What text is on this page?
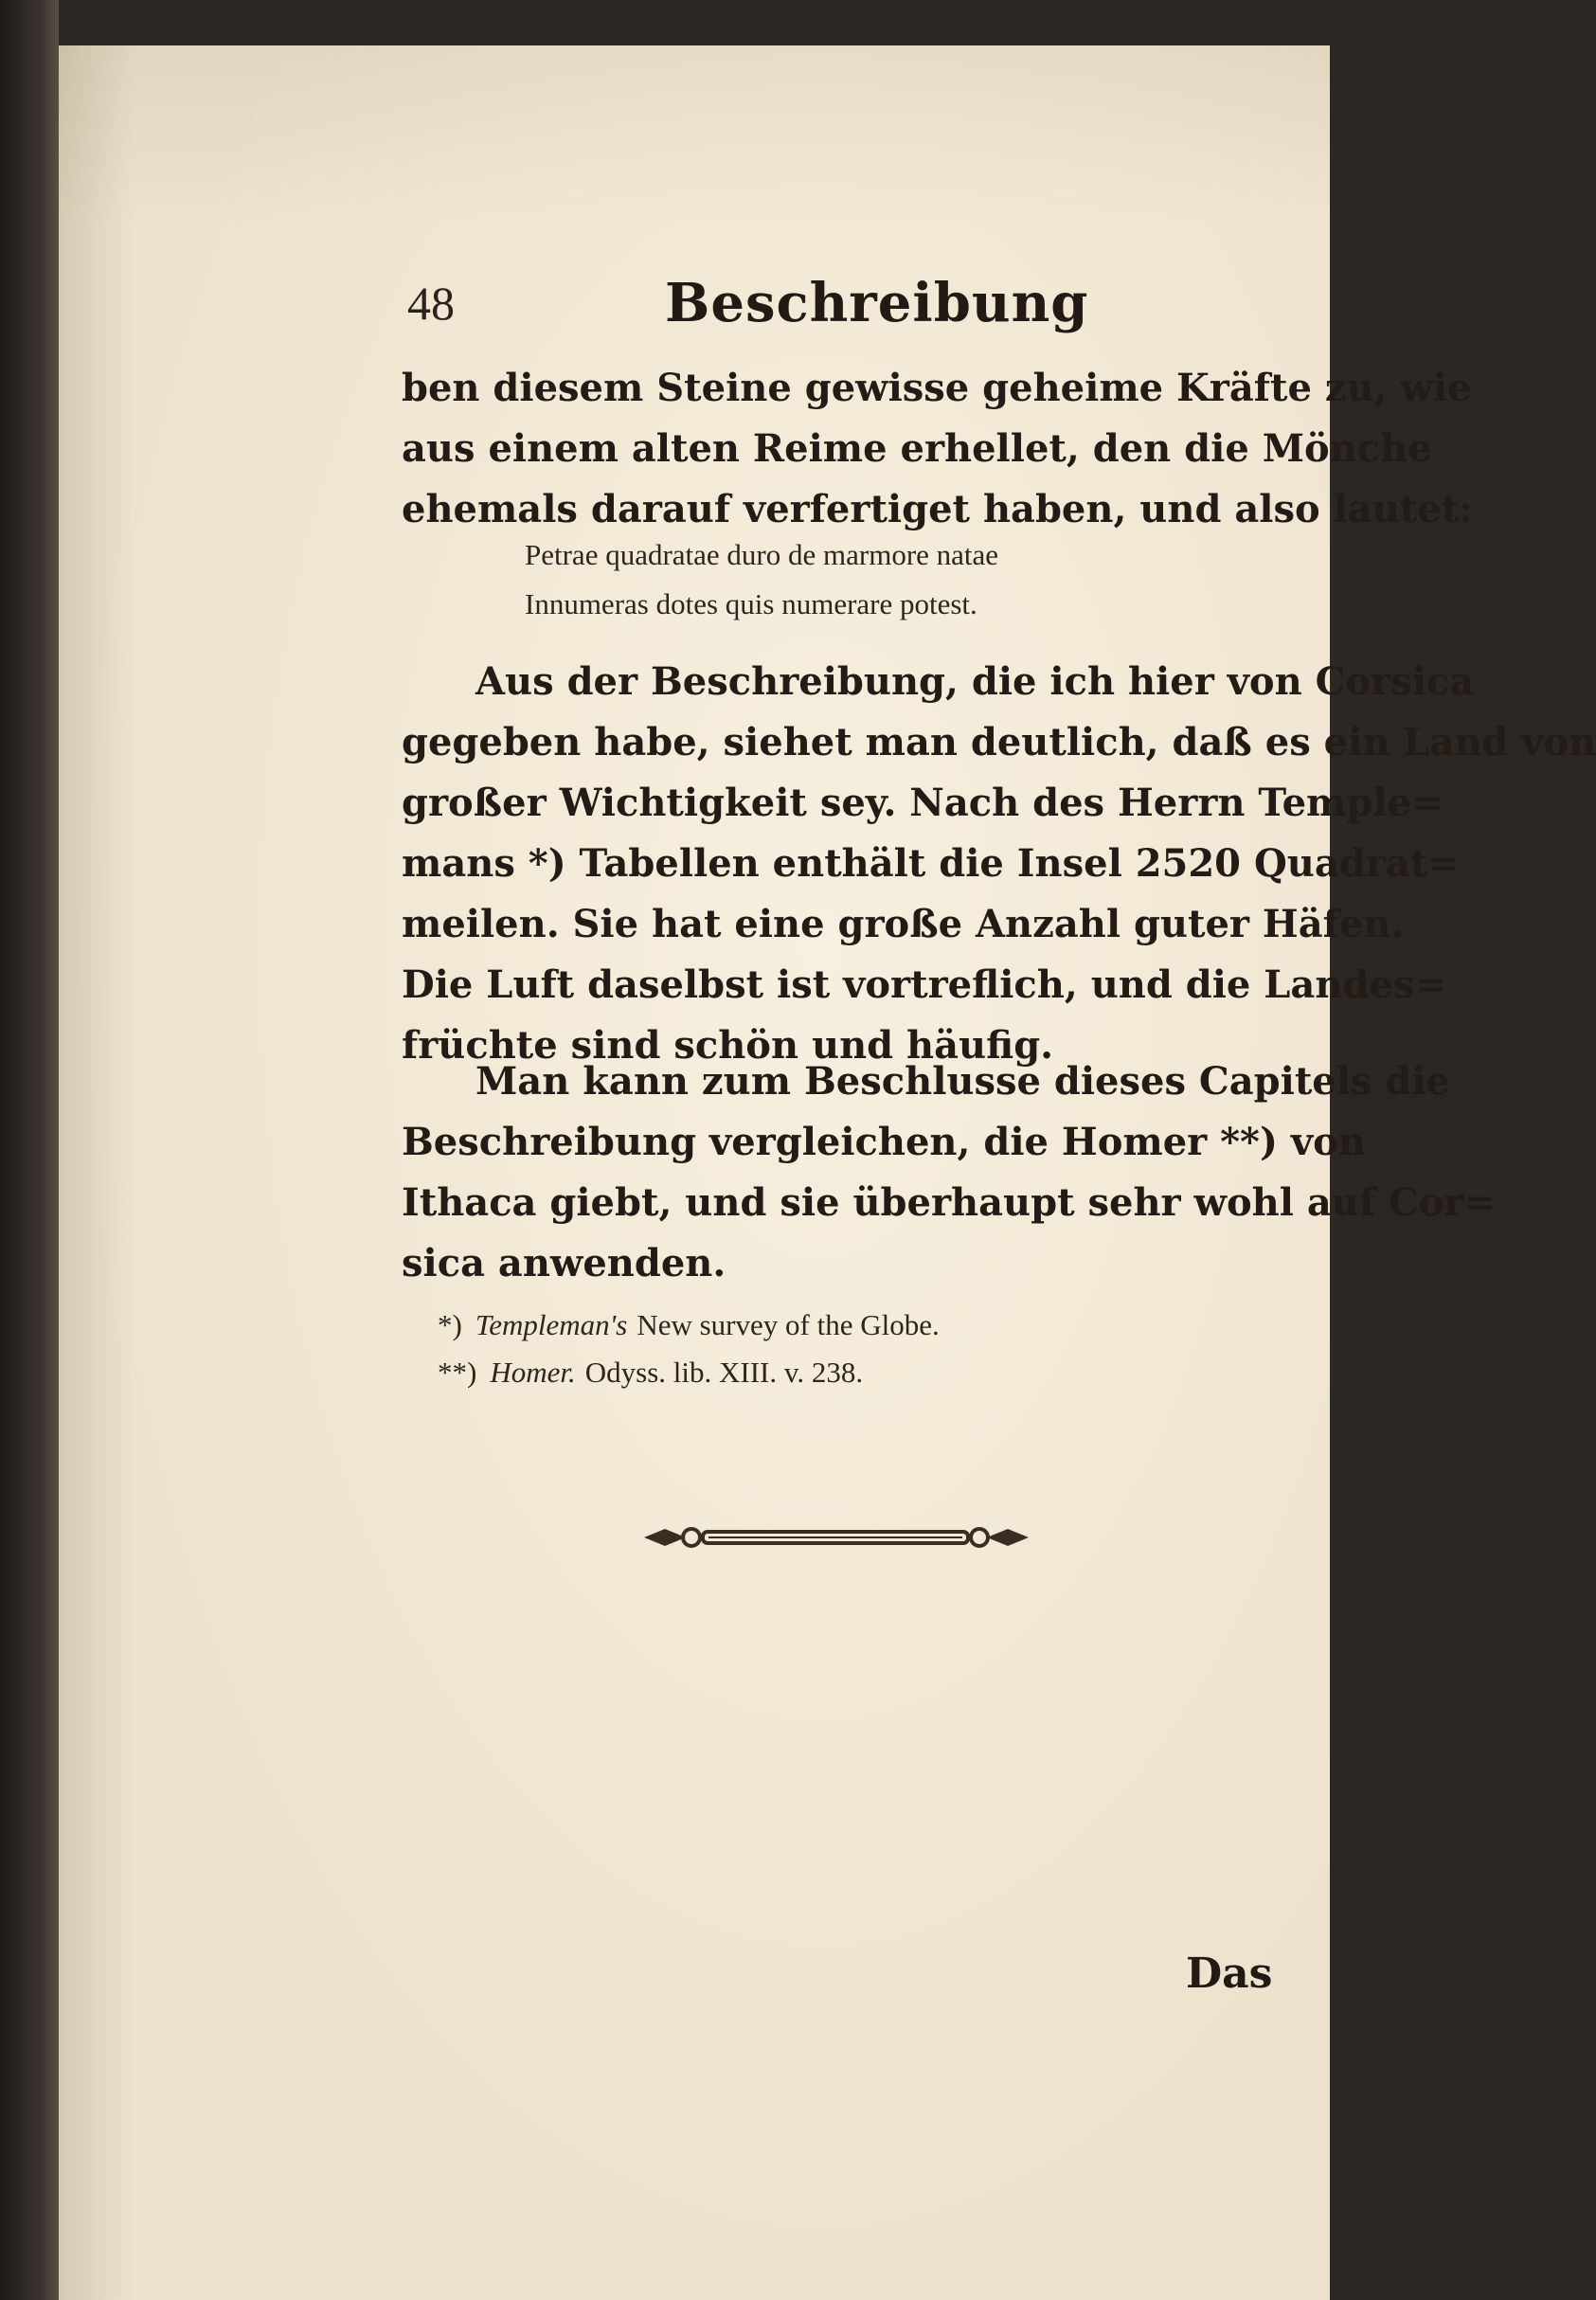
48	Beschreibung
ben diesem Steine gewisse geheime Kräfte zu, wie
aus einem alten Reime erhellet, den die Mönche
ehemals darauf verfertiget haben, und also lautet:
Petrae quadratae duro de marmore natae
Innumeras dotes quis numerare potest.
Aus der Beschreibung, die ich hier von Corsica
gegeben habe, siehet man deutlich, daß es ein Land von
großer Wichtigkeit sey. Nach des Herrn Temple=
mans *) Tabellen enthält die Insel 2520 Quadrat=
meilen. Sie hat eine große Anzahl guter Häfen.
Die Luft daselbst ist vortreflich, und die Landes=
früchte sind schön und häufig.
Man kann zum Beschlusse dieses Capitels die
Beschreibung vergleichen, die Homer **) von
Ithaca giebt, und sie überhaupt sehr wohl auf Cor=
sica anwenden.
*) Templeman's New survey of the Globe.
**) Homer. Odyss. lib. XIII. v. 238.
Das
